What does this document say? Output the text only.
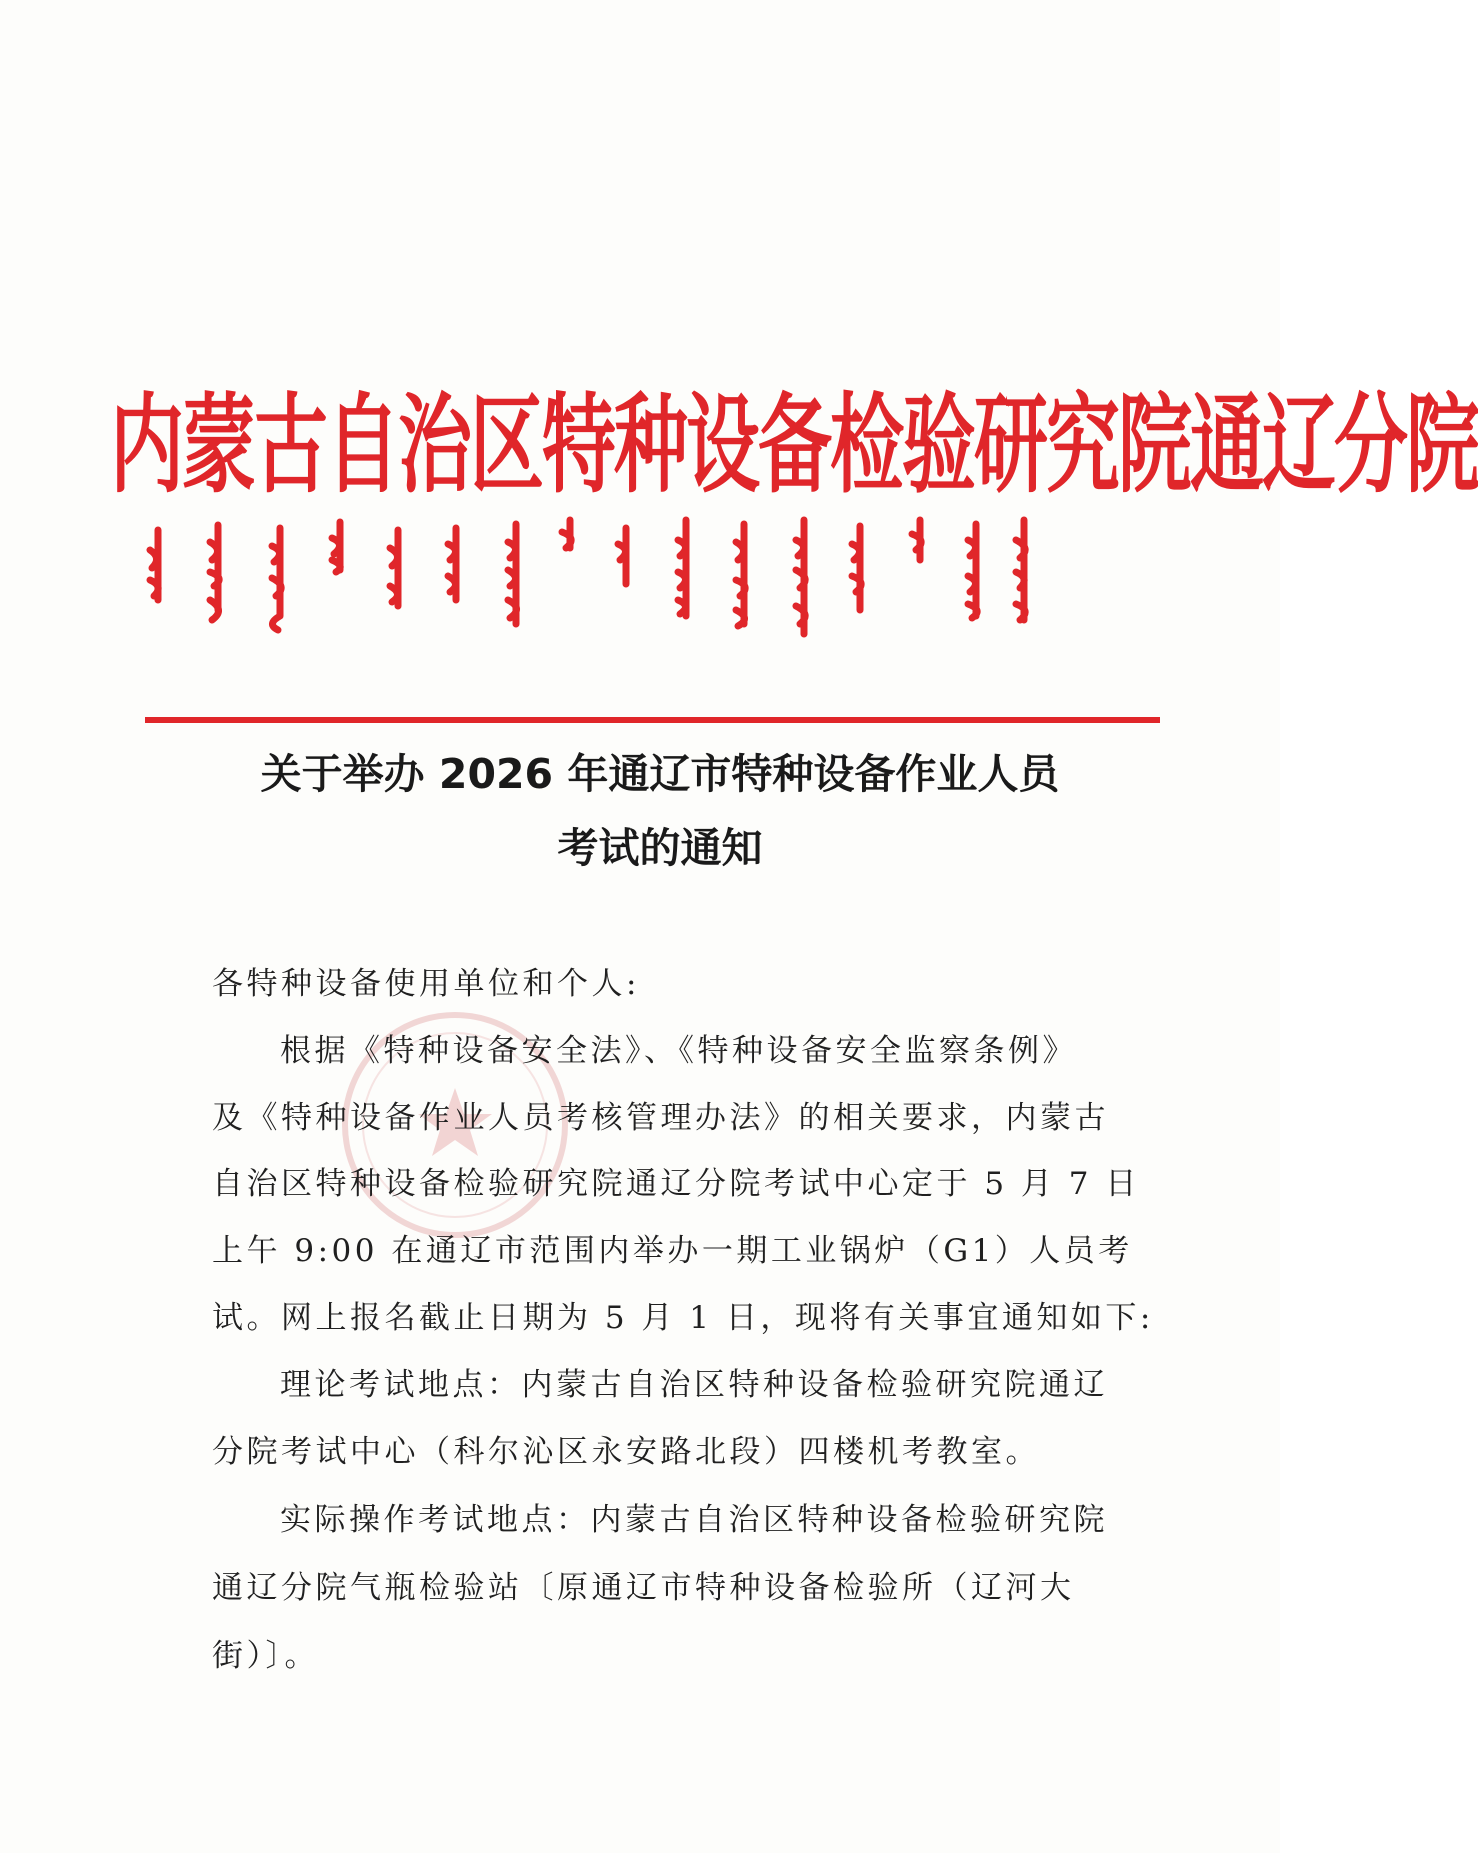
内蒙古自治区特种设备检验研究院通辽分院
关于举办 2026 年通辽市特种设备作业人员
考试的通知
各特种设备使用单位和个人:
根据《特种设备安全法》、《特种设备安全监察条例》
及《特种设备作业人员考核管理办法》的相关要求，内蒙古
自治区特种设备检验研究院通辽分院考试中心定于 5 月 7 日
上午 9:00 在通辽市范围内举办一期工业锅炉（G1）人员考
试。网上报名截止日期为 5 月 1 日，现将有关事宜通知如下:
理论考试地点：内蒙古自治区特种设备检验研究院通辽
分院考试中心（科尔沁区永安路北段）四楼机考教室。
实际操作考试地点：内蒙古自治区特种设备检验研究院
通辽分院气瓶检验站〔原通辽市特种设备检验所（辽河大
街）〕。
